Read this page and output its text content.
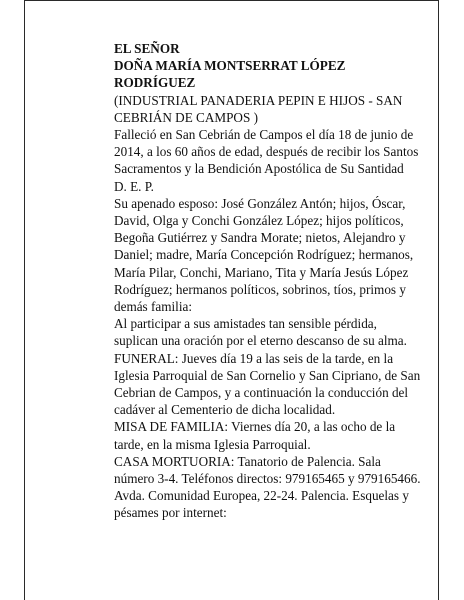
EL SEÑOR

DOÑA MARÍA MONTSERRAT LÓPEZ RODRÍGUEZ

(INDUSTRIAL PANADERIA PEPIN E HIJOS - SAN CEBRIÁN DE CAMPOS )

Falleció en San Cebrián de Campos el día 18 de junio de 2014, a los 60 años de edad, después de recibir los Santos Sacramentos y la Bendición Apostólica de Su Santidad

D. E. P.

Su apenado esposo: José González Antón; hijos, Óscar, David, Olga y Conchi González López; hijos políticos, Begoña Gutiérrez y Sandra Morate; nietos, Alejandro y Daniel; madre, María Concepción Rodríguez; hermanos, María Pilar, Conchi, Mariano, Tita y María Jesús López Rodríguez; hermanos políticos, sobrinos, tíos, primos y demás familia:

Al participar a sus amistades tan sensible pérdida, suplican una oración por el eterno descanso de su alma.

FUNERAL: Jueves día 19 a las seis de la tarde, en la Iglesia Parroquial de San Cornelio y San Cipriano, de San Cebrian de Campos, y a continuación la conducción del cadáver al Cementerio de dicha localidad.

MISA DE FAMILIA: Viernes día 20, a las ocho de la tarde, en la misma Iglesia Parroquial.

CASA MORTUORIA: Tanatorio de Palencia. Sala número 3-4. Teléfonos directos: 979165465 y 979165466. Avda. Comunidad Europea, 22-24. Palencia. Esquelas y pésames por internet:
